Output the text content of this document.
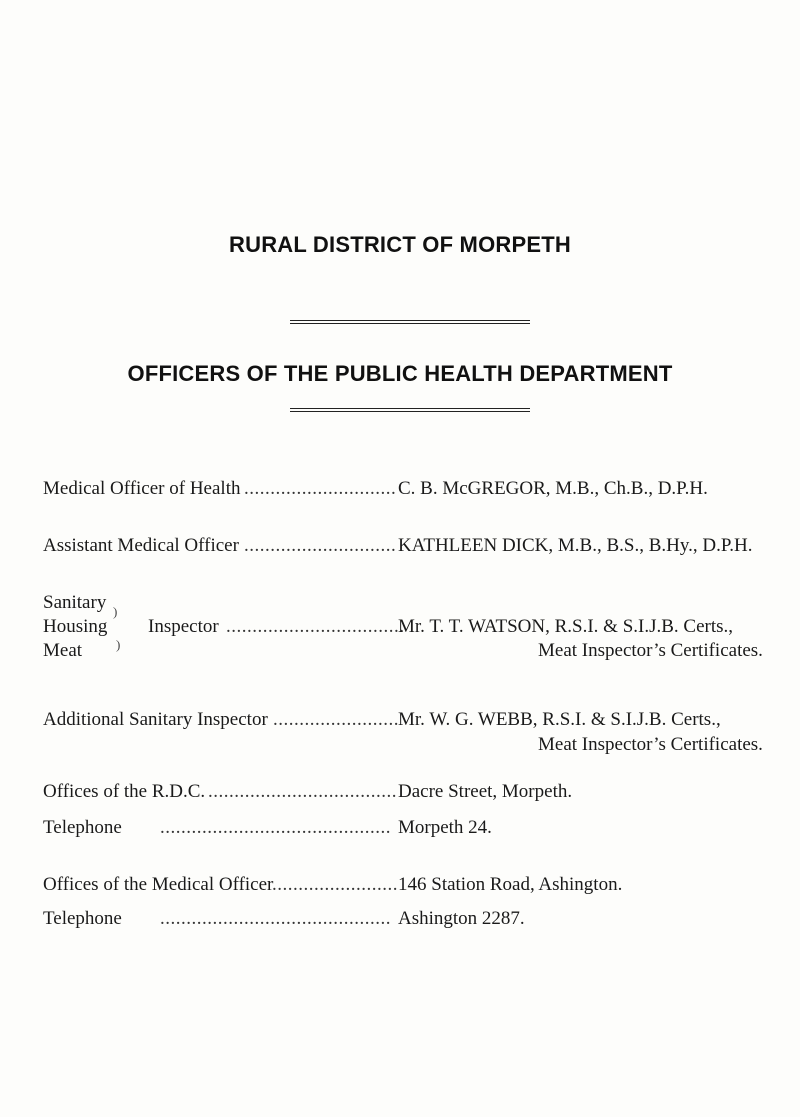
RURAL DISTRICT OF MORPETH
OFFICERS OF THE PUBLIC HEALTH DEPARTMENT
Medical Officer of Health ............................. C. B. McGREGOR, M.B., Ch.B., D.P.H.
Assistant Medical Officer ............................. KATHLEEN DICK, M.B., B.S., B.Hy., D.P.H.
Sanitary
Housing
Meat
)
)
Inspector ..................................
Mr. T. T. WATSON, R.S.I. & S.I.J.B. Certs.,
Meat Inspector’s Certificates.
Additional Sanitary Inspector ........................ Mr. W. G. WEBB, R.S.I. & S.I.J.B. Certs.,
Meat Inspector’s Certificates.
Offices of the R.D.C. .................................... Dacre Street, Morpeth.
Telephone ............................................ Morpeth 24.
Offices of the Medical Officer
........................ 146 Station Road, Ashington.
Telephone ............................................ Ashington 2287.
